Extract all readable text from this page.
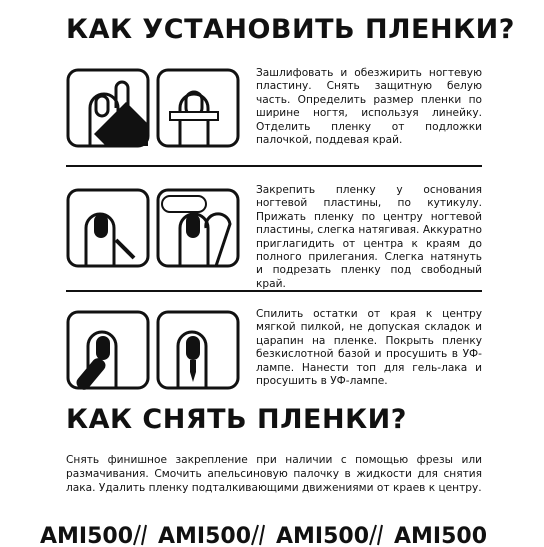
КАК УСТАНОВИТЬ ПЛЕНКИ?
Зашлифовать и обезжирить ногтевую пластину. Снять защитную белую часть. Определить размер пленки по ширине ногтя, используя линейку. Отделить пленку от подложки палочкой, поддевая край.
Закрепить пленку у основания ногтевой пластины, по кутикулу. Прижать пленку по центру ногтевой пластины, слегка натягивая. Аккуратно приглагидить от центра к краям до полного прилегания. Слегка натянуть и подрезать пленку под свободный край.
Спилить остатки от края к центру мягкой пилкой, не допуская складок и царапин на пленке. Покрыть пленку безкислотной базой и просушить в УФ-лампе. Нанести топ для гель-лака и просушить в УФ-лампе.
КАК СНЯТЬ ПЛЕНКИ?
Снять финишное закрепление при наличии с помощью фрезы или размачивания. Смочить апельсиновую палочку в жидкости для снятия лака. Удалить пленку подталкивающими движениями от краев к центру.
AMI500 AMI500 AMI500 AMI500
